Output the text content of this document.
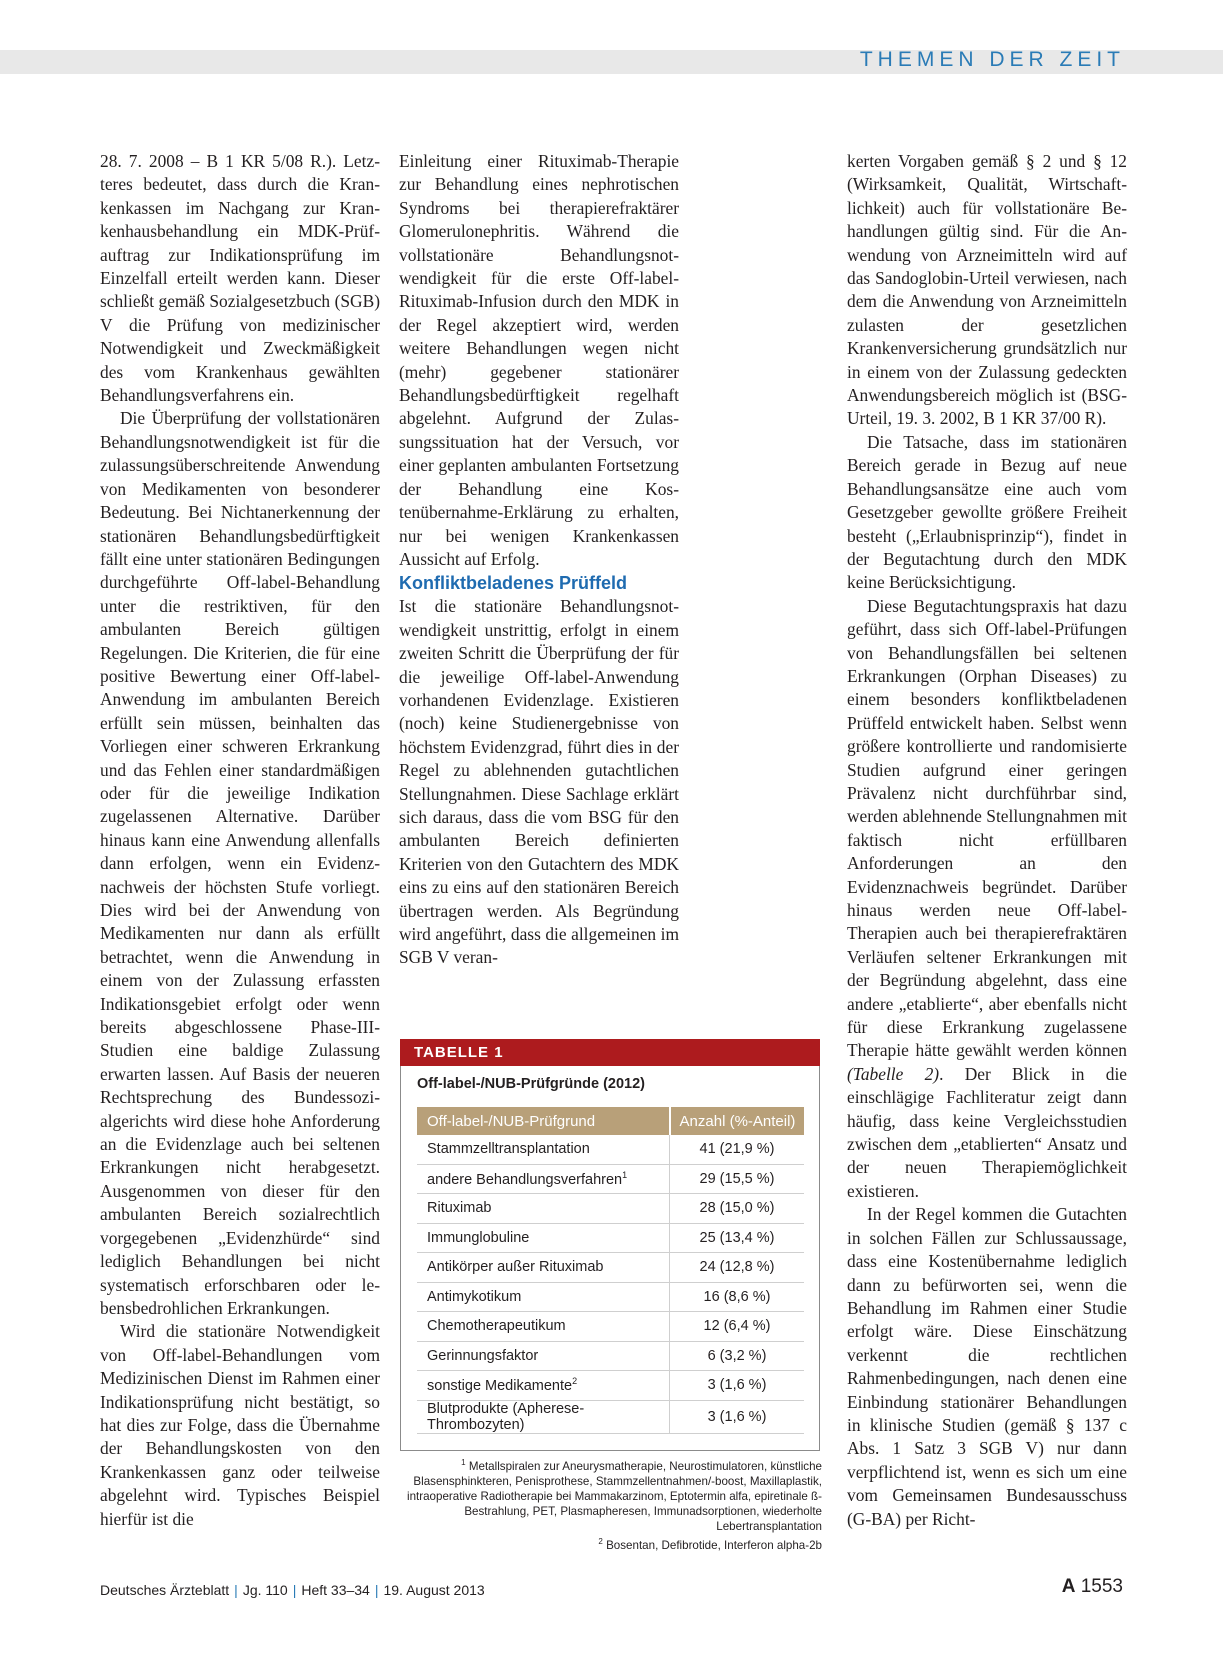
THEMEN DER ZEIT

28. 7. 2008 – B 1 KR 5/08 R.). Letzteres bedeutet, dass durch die Krankenkassen im Nachgang zur Krankenhausbehandlung ein MDK-Prüfauftrag zur Indikationsprüfung im Einzelfall erteilt werden kann. Dieser schließt gemäß Sozialgesetzbuch (SGB) V die Prüfung von medizinischer Notwendigkeit und Zweckmäßigkeit des vom Krankenhaus gewählten Behandlungsverfahrens ein.

Die Überprüfung der vollstationären Behandlungsnotwendigkeit ist für die zulassungsüberschreitende Anwendung von Medikamenten von besonderer Bedeutung. Bei Nichtanerkennung der stationären Behandlungsbedürftigkeit fällt eine unter stationären Bedingungen durchgeführte Off-label-Behandlung unter die restriktiven, für den ambulanten Bereich gültigen Regelungen. Die Kriterien, die für eine positive Bewertung einer Off-label-Anwendung im ambulanten Bereich erfüllt sein müssen, beinhalten das Vorliegen einer schweren Erkrankung und das Fehlen einer standardmäßigen oder für die jeweilige Indikation zugelassenen Alternative. Darüber hinaus kann eine Anwendung allenfalls dann erfolgen, wenn ein Evidenznachweis der höchsten Stufe vorliegt. Dies wird bei der Anwendung von Medikamenten nur dann als erfüllt betrachtet, wenn die Anwendung in einem von der Zulassung erfassten Indikationsgebiet erfolgt oder wenn bereits abgeschlossene Phase-III-Studien eine baldige Zulassung erwarten lassen. Auf Basis der neueren Rechtsprechung des Bundessozialgerichts wird diese hohe Anforderung an die Evidenzlage auch bei seltenen Erkrankungen nicht herabgesetzt. Ausgenommen von dieser für den ambulanten Bereich sozialrechtlich vorgegebenen „Evidenzhürde“ sind lediglich Behandlungen bei nicht systematisch erforschbaren oder lebensbedrohlichen Erkrankungen.

Wird die stationäre Notwendigkeit von Off-label-Behandlungen vom Medizinischen Dienst im Rahmen einer Indikationsprüfung nicht bestätigt, so hat dies zur Folge, dass die Übernahme der Behandlungskosten von den Krankenkassen ganz oder teilweise abgelehnt wird. Typisches Beispiel hierfür ist die

Einleitung einer Rituximab-Therapie zur Behandlung eines nephrotischen Syndroms bei therapierefraktärer Glomerulonephritis. Während die vollstationäre Behandlungsnotwendigkeit für die erste Off-label-Rituximab-Infusion durch den MDK in der Regel akzeptiert wird, werden weitere Behandlungen wegen nicht (mehr) gegebener stationärer Behandlungsbedürftigkeit regelhaft abgelehnt. Aufgrund der Zulassungssituation hat der Versuch, vor einer geplanten ambulanten Fortsetzung der Behandlung eine Kostenübernahme-Erklärung zu erhalten, nur bei wenigen Krankenkassen Aussicht auf Erfolg.

Konfliktbeladenes Prüffeld

Ist die stationäre Behandlungsnotwendigkeit unstrittig, erfolgt in einem zweiten Schritt die Überprüfung der für die jeweilige Off-label-Anwendung vorhandenen Evidenzlage. Existieren (noch) keine Studienergebnisse von höchstem Evidenzgrad, führt dies in der Regel zu ablehnenden gutachtlichen Stellungnahmen. Diese Sachlage erklärt sich daraus, dass die vom BSG für den ambulanten Bereich definierten Kriterien von den Gutachtern des MDK eins zu eins auf den stationären Bereich übertragen werden. Als Begründung wird angeführt, dass die allgemeinen im SGB V veran-

kerten Vorgaben gemäß § 2 und § 12 (Wirksamkeit, Qualität, Wirtschaftlichkeit) auch für vollstationäre Behandlungen gültig sind. Für die Anwendung von Arzneimitteln wird auf das Sandoglobin-Urteil verwiesen, nach dem die Anwendung von Arzneimitteln zulasten der gesetzlichen Krankenversicherung grundsätzlich nur in einem von der Zulassung gedeckten Anwendungsbereich möglich ist (BSG-Urteil, 19. 3. 2002, B 1 KR 37/00 R).

Die Tatsache, dass im stationären Bereich gerade in Bezug auf neue Behandlungsansätze eine auch vom Gesetzgeber gewollte größere Freiheit besteht („Erlaubnisprinzip“), findet in der Begutachtung durch den MDK keine Berücksichtigung.

Diese Begutachtungspraxis hat dazu geführt, dass sich Off-label-Prüfungen von Behandlungsfällen bei seltenen Erkrankungen (Orphan Diseases) zu einem besonders konfliktbeladenen Prüffeld entwickelt haben. Selbst wenn größere kontrollierte und randomisierte Studien aufgrund einer geringen Prävalenz nicht durchführbar sind, werden ablehnende Stellungnahmen mit faktisch nicht erfüllbaren Anforderungen an den Evidenznachweis begründet. Darüber hinaus werden neue Off-label-Therapien auch bei therapierefraktären Verläufen seltener Erkrankungen mit der Begründung abgelehnt, dass eine andere „etablierte“, aber ebenfalls nicht für diese Erkrankung zugelassene Therapie hätte gewählt werden können (Tabelle 2). Der Blick in die einschlägige Fachliteratur zeigt dann häufig, dass keine Vergleichsstudien zwischen dem „etablierten“ Ansatz und der neuen Therapiemöglichkeit existieren.

In der Regel kommen die Gutachten in solchen Fällen zur Schlussaussage, dass eine Kostenübernahme lediglich dann zu befürworten sei, wenn die Behandlung im Rahmen einer Studie erfolgt wäre. Diese Einschätzung verkennt die rechtlichen Rahmenbedingungen, nach denen eine Einbindung stationärer Behandlungen in klinische Studien (gemäß § 137 c Abs. 1 Satz 3 SGB V) nur dann verpflichtend ist, wenn es sich um eine vom Gemeinsamen Bundesausschuss (G-BA) per Richt-

TABELLE 1
Off-label-/NUB-Prüfgründe (2012)
Off-label-/NUB-Prüfgrund	Anzahl (%-Anteil)
Stammzelltransplantation	41 (21,9 %)
andere Behandlungsverfahren$^1$	29 (15,5 %)
Rituximab	28 (15,0 %)
Immunglobuline	25 (13,4 %)
Antikörper außer Rituximab	24 (12,8 %)
Antimykotikum	16 (8,6 %)
Chemotherapeutikum	12 (6,4 %)
Gerinnungsfaktor	6 (3,2 %)
sonstige Medikamente$^2$	3 (1,6 %)
Blutprodukte (Apherese-Thrombozyten)	3 (1,6 %)

$^1$ Metallspiralen zur Aneurysmatherapie, Neurostimulatoren, künstliche Blasensphinkteren, Penisprothese, Stammzellentnahmen/-boost, Maxillaplastik, intraoperative Radiotherapie bei Mammakarzinom, Eptotermin alfa, epiretinale ß-Bestrahlung, PET, Plasmapheresen, Immunadsorptionen, wiederholte Lebertransplantation

$^2$ Bosentan, Defibrotide, Interferon alpha-2b

Deutsches Ärzteblatt | Jg. 110 | Heft 33–34 | 19. August 2013	A 1553
